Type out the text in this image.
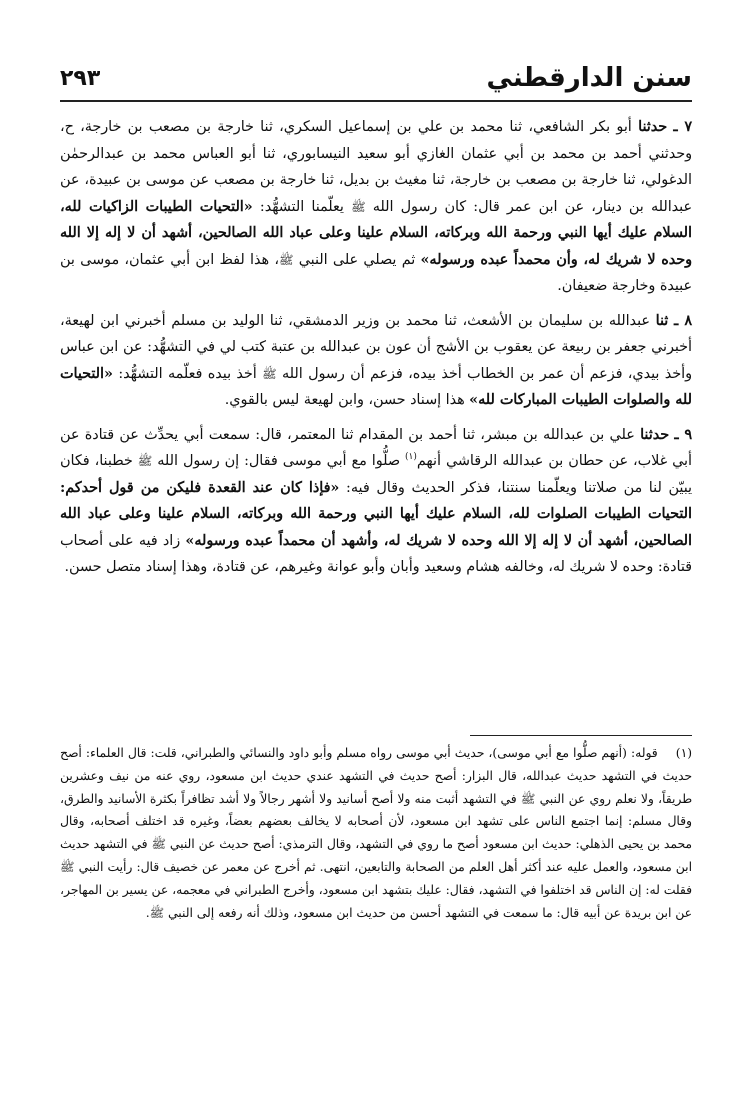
سنن الدارقطني
٢٩٣

٧ ـ حدثنا أبو بكر الشافعي، ثنا محمد بن علي بن إسماعيل السكري، ثنا خارجة بن مصعب بن خارجة، ح، وحدثني أحمد بن محمد بن أبي عثمان الغازي أبو سعيد النيسابوري، ثنا أبو العباس محمد بن عبدالرحمٰن الدغولي، ثنا خارجة بن مصعب بن خارجة، ثنا مغيث بن بديل، ثنا خارجة بن مصعب عن موسى بن عبيدة، عن عبدالله بن دينار، عن ابن عمر قال: كان رسول الله ﷺ يعلّمنا التشهُّد: «التحيات الطيبات الزاكيات لله، السلام عليك أيها النبي ورحمة الله وبركاته، السلام علينا وعلى عباد الله الصالحين، أشهد أن لا إله إلا الله وحده لا شريك له، وأن محمداً عبده ورسوله» ثم يصلي على النبي ﷺ، هذا لفظ ابن أبي عثمان، موسى بن عبيدة وخارجة ضعيفان.

٨ ـ ثنا عبدالله بن سليمان بن الأشعث، ثنا محمد بن وزير الدمشقي، ثنا الوليد بن مسلم أخبرني ابن لهيعة، أخبرني جعفر بن ربيعة عن يعقوب بن الأشج أن عون بن عبدالله بن عتبة كتب لي في التشهُّد: عن ابن عباس وأخذ بيدي، فزعم أن عمر بن الخطاب أخذ بيده، فزعم أن رسول الله ﷺ أخذ بيده فعلّمه التشهُّد: «التحيات لله والصلوات الطيبات المباركات لله» هذا إسناد حسن، وابن لهيعة ليس بالقوي.

٩ ـ حدثنا علي بن عبدالله بن مبشر، ثنا أحمد بن المقدام ثنا المعتمر، قال: سمعت أبي يحدِّث عن قتادة عن أبي غلاب، عن حطان بن عبدالله الرقاشي أنهم$^{(١)}$ صلُّوا مع أبي موسى فقال: إن رسول الله ﷺ خطبنا، فكان يبيّن لنا من صلاتنا ويعلّمنا سنتنا، فذكر الحديث وقال فيه: «فإذا كان عند القعدة فليكن من قول أحدكم: التحيات الطيبات الصلوات لله، السلام عليك أيها النبي ورحمة الله وبركاته، السلام علينا وعلى عباد الله الصالحين، أشهد أن لا إله إلا الله وحده لا شريك له، وأشهد أن محمداً عبده ورسوله» زاد فيه على أصحاب قتادة: وحده لا شريك له، وخالفه هشام وسعيد وأبان وأبو عوانة وغيرهم، عن قتادة، وهذا إسناد متصل حسن.

(١) قوله: (أنهم صلُّوا مع أبي موسى)، حديث أبي موسى رواه مسلم وأبو داود والنسائي والطبراني، قلت: قال العلماء: أصح حديث في التشهد حديث عبدالله، قال البزار: أصح حديث في التشهد عندي حديث ابن مسعود، روي عنه من نيف وعشرين طريقاً، ولا نعلم روي عن النبي ﷺ في التشهد أثبت منه ولا أصح أسانيد ولا أشهر رجالاً ولا أشد تظافراً بكثرة الأسانيد والطرق، وقال مسلم: إنما اجتمع الناس على تشهد ابن مسعود، لأن أصحابه لا يخالف بعضهم بعضاً، وغيره قد اختلف أصحابه، وقال محمد بن يحيى الذهلي: حديث ابن مسعود أصح ما روي في التشهد، وقال الترمذي: أصح حديث عن النبي ﷺ في التشهد حديث ابن مسعود، والعمل عليه عند أكثر أهل العلم من الصحابة والتابعين، انتهى. ثم أخرج عن معمر عن خصيف قال: رأيت النبي ﷺ فقلت له: إن الناس قد اختلفوا في التشهد، فقال: عليك بتشهد ابن مسعود، وأخرج الطبراني في معجمه، عن يسير بن المهاجر، عن ابن بريدة عن أبيه قال: ما سمعت في التشهد أحسن من حديث ابن مسعود، وذلك أنه رفعه إلى النبي ﷺ.
